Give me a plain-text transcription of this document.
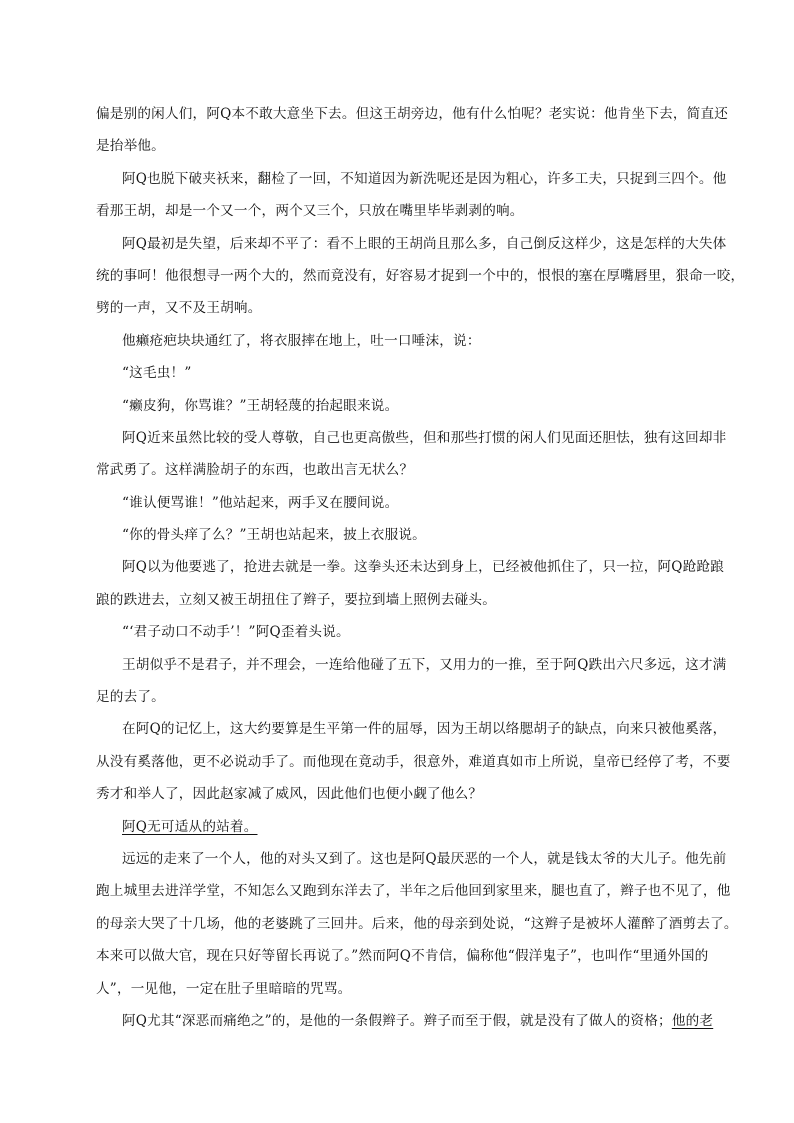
偏是别的闲人们，阿Q本不敢大意坐下去。但这王胡旁边，他有什么怕呢？老实说：他肯坐下去，简直还
是抬举他。
阿Q也脱下破夹袄来，翻检了一回，不知道因为新洗呢还是因为粗心，许多工夫，只捉到三四个。他
看那王胡，却是一个又一个，两个又三个，只放在嘴里毕毕剥剥的响。
阿Q最初是失望，后来却不平了：看不上眼的王胡尚且那么多，自己倒反这样少，这是怎样的大失体
统的事呵！他很想寻一两个大的，然而竟没有，好容易才捉到一个中的，恨恨的塞在厚嘴唇里，狠命一咬，
劈的一声，又不及王胡响。
他癞疮疤块块通红了，将衣服摔在地上，吐一口唾沫，说：
“这毛虫！”
“癞皮狗，你骂谁？”王胡轻蔑的抬起眼来说。
阿Q近来虽然比较的受人尊敬，自己也更高傲些，但和那些打惯的闲人们见面还胆怯，独有这回却非
常武勇了。这样满脸胡子的东西，也敢出言无状么？
“谁认便骂谁！”他站起来，两手叉在腰间说。
“你的骨头痒了么？”王胡也站起来，披上衣服说。
阿Q以为他要逃了，抢进去就是一拳。这拳头还未达到身上，已经被他抓住了，只一拉，阿Q跄跄踉
踉的跌进去，立刻又被王胡扭住了辫子，要拉到墙上照例去碰头。
“‘君子动口不动手’！”阿Q歪着头说。
王胡似乎不是君子，并不理会，一连给他碰了五下，又用力的一推，至于阿Q跌出六尺多远，这才满
足的去了。
在阿Q的记忆上，这大约要算是生平第一件的屈辱，因为王胡以络腮胡子的缺点，向来只被他奚落，
从没有奚落他，更不必说动手了。而他现在竟动手，很意外，难道真如市上所说，皇帝已经停了考，不要
秀才和举人了，因此赵家减了威风，因此他们也便小觑了他么？
阿Q无可适从的站着。
远远的走来了一个人，他的对头又到了。这也是阿Q最厌恶的一个人，就是钱太爷的大儿子。他先前
跑上城里去进洋学堂，不知怎么又跑到东洋去了，半年之后他回到家里来，腿也直了，辫子也不见了，他
的母亲大哭了十几场，他的老婆跳了三回井。后来，他的母亲到处说，“这辫子是被坏人灌醉了酒剪去了。
本来可以做大官，现在只好等留长再说了。”然而阿Q不肯信，偏称他“假洋鬼子”，也叫作“里通外国的
人”，一见他，一定在肚子里暗暗的咒骂。
阿Q尤其“深恶而痛绝之”的，是他的一条假辫子。辫子而至于假，就是没有了做人的资格；他的老
